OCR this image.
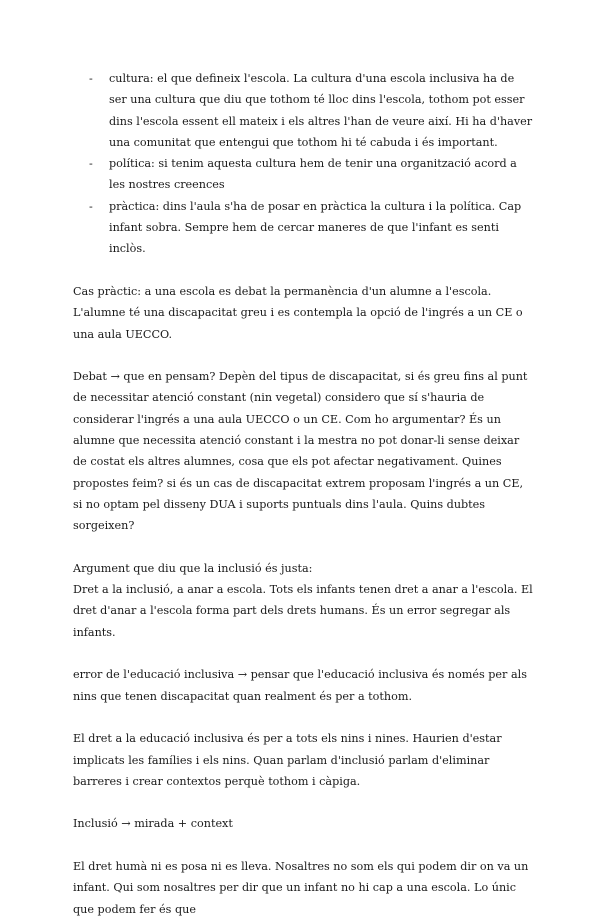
- cultura: el que defineix l'escola. La cultura d'una escola inclusiva ha de ser una cultura que diu que tothom té lloc dins l'escola, tothom pot esser dins l'escola essent ell mateix i els altres l'han de veure així. Hi ha d'haver una comunitat que entengui que tothom hi té cabuda i és important.
- política: si tenim aquesta cultura hem de tenir una organització acord a les nostres creences
- pràctica: dins l'aula s'ha de posar en pràctica la cultura i la política. Cap infant sobra. Sempre hem de cercar maneres de que l'infant es senti inclòs.

Cas pràctic: a una escola es debat la permanència d'un alumne a l'escola. L'alumne té una discapacitat greu i es contempla la opció de l'ingrés a un CE o una aula UECCO.

Debat → que en pensam? Depèn del tipus de discapacitat, si és greu fins al punt de necessitar atenció constant (nin vegetal) considero que sí s'hauria de considerar l'ingrés a una aula UECCO o un CE. Com ho argumentar? És un alumne que necessita atenció constant i la mestra no pot donar-li sense deixar de costat els altres alumnes, cosa que els pot afectar negativament. Quines propostes feim? si és un cas de discapacitat extrem proposam l'ingrés a un CE, si no optam pel disseny DUA i suports puntuals dins l'aula. Quins dubtes sorgeixen?

Argument que diu que la inclusió és justa:

Dret a la inclusió, a anar a escola. Tots els infants tenen dret a anar a l'escola. El dret d'anar a l'escola forma part dels drets humans. És un error segregar als infants.

error de l'educació inclusiva → pensar que l'educació inclusiva és només per als nins que tenen discapacitat quan realment és per a tothom.

El dret a la educació inclusiva és per a tots els nins i nines. Haurien d'estar implicats les famílies i els nins. Quan parlam d'inclusió parlam d'eliminar barreres i crear contextos perquè tothom i càpiga.

Inclusió → mirada + context

El dret humà ni es posa ni es lleva. Nosaltres no som els qui podem dir on va un infant. Qui som nosaltres per dir que un infant no hi cap a una escola. Lo únic que podem fer és que
